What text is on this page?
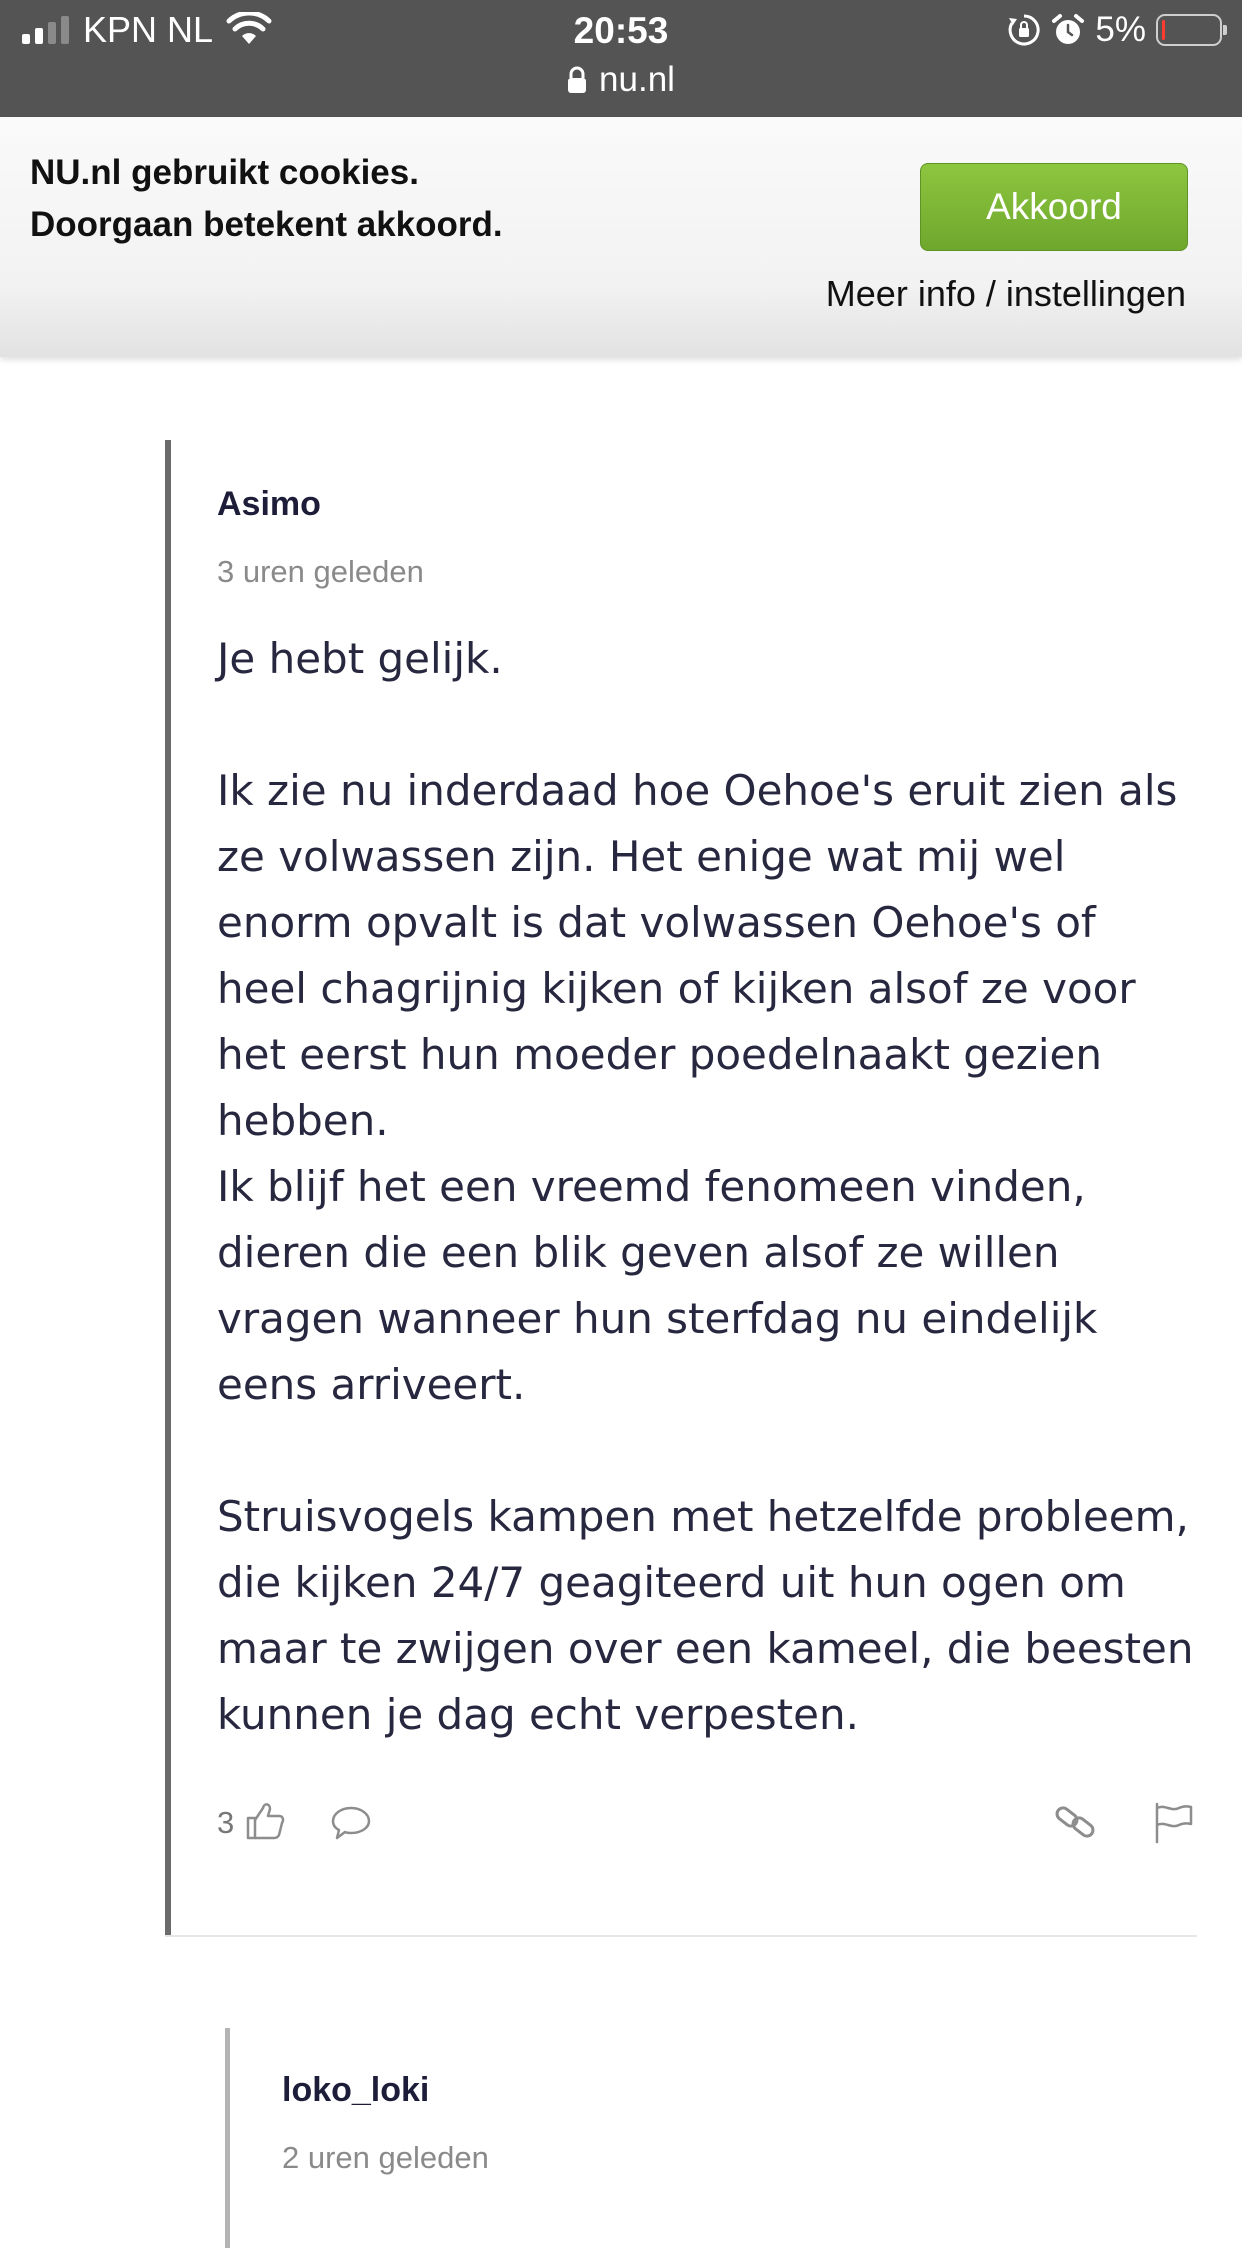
KPN NL	20:53
nu.nl
5%
NU.nl gebruikt cookies.
Doorgaan betekent akkoord.	Akkoord
Meer info / instellingen
Asimo
3 uren geleden

Je hebt gelijk.

Ik zie nu inderdaad hoe Oehoe's eruit zien als ze volwassen zijn. Het enige wat mij wel enorm opvalt is dat volwassen Oehoe's of heel chagrijnig kijken of kijken alsof ze voor het eerst hun moeder poedelnaakt gezien hebben.

Ik blijf het een vreemd fenomeen vinden, dieren die een blik geven alsof ze willen vragen wanneer hun sterfdag nu eindelijk eens arriveert.

Struisvogels kampen met hetzelfde probleem, die kijken 24/7 geagiteerd uit hun ogen om maar te zwijgen over een kameel, die beesten kunnen je dag echt verpesten.

3
loko_loki
2 uren geleden
